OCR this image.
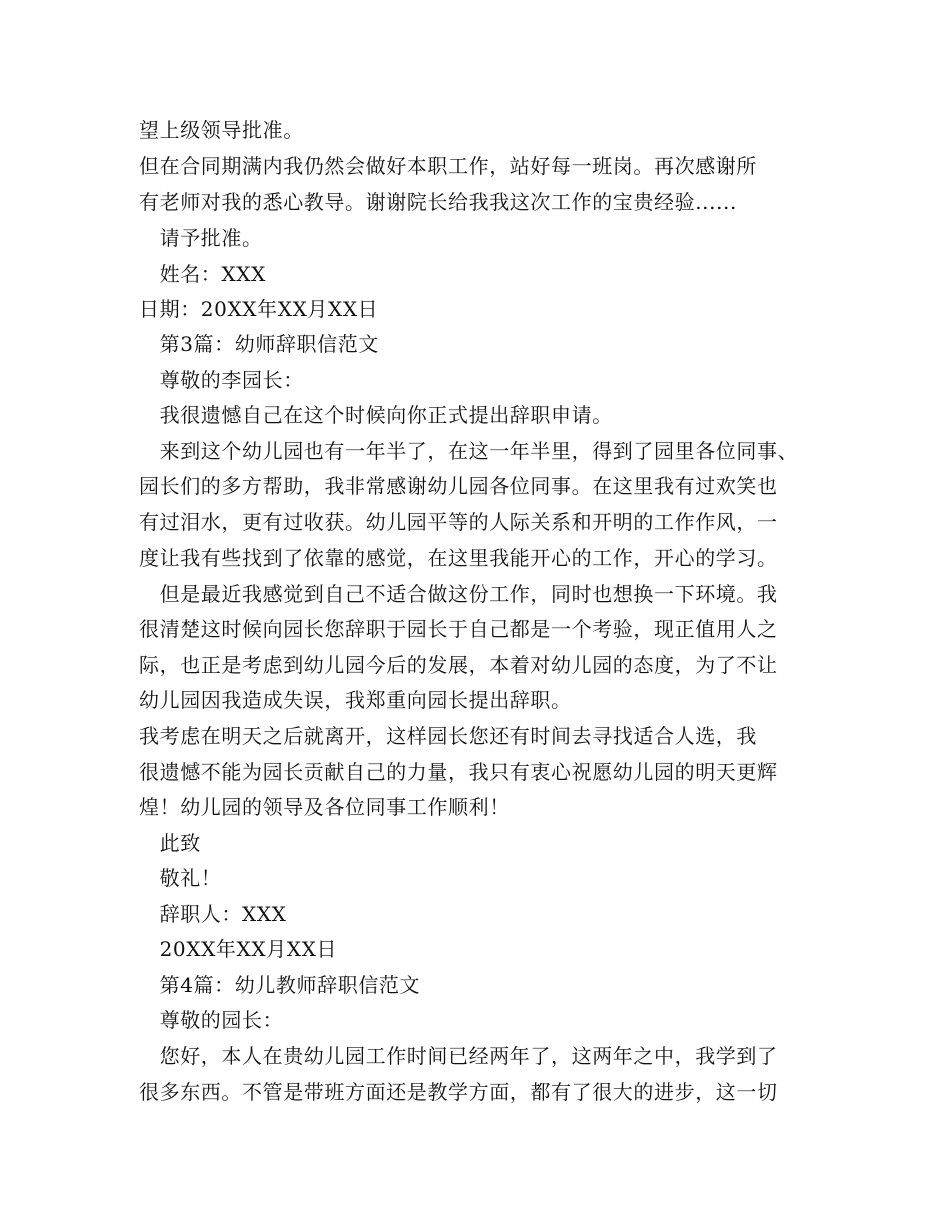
望上级领导批准。
但在合同期满内我仍然会做好本职工作，站好每一班岗。再次感谢所
有老师对我的悉心教导。谢谢院长给我我这次工作的宝贵经验......
　请予批准。
　姓名：XXX
日期：20XX年XX月XX日
　第3篇：幼师辞职信范文
　尊敬的李园长：
　我很遗憾自己在这个时候向你正式提出辞职申请。
　来到这个幼儿园也有一年半了，在这一年半里，得到了园里各位同事、
园长们的多方帮助，我非常感谢幼儿园各位同事。在这里我有过欢笑也
有过泪水，更有过收获。幼儿园平等的人际关系和开明的工作作风，一
度让我有些找到了依靠的感觉，在这里我能开心的工作，开心的学习。
　但是最近我感觉到自己不适合做这份工作，同时也想换一下环境。我
很清楚这时候向园长您辞职于园长于自己都是一个考验，现正值用人之
际，也正是考虑到幼儿园今后的发展，本着对幼儿园的态度，为了不让
幼儿园因我造成失误，我郑重向园长提出辞职。
我考虑在明天之后就离开，这样园长您还有时间去寻找适合人选，我
很遗憾不能为园长贡献自己的力量，我只有衷心祝愿幼儿园的明天更辉
煌！幼儿园的领导及各位同事工作顺利！
　此致
　敬礼！
　辞职人：XXX
　20XX年XX月XX日
　第4篇：幼儿教师辞职信范文
　尊敬的园长：
　您好，本人在贵幼儿园工作时间已经两年了，这两年之中，我学到了
很多东西。不管是带班方面还是教学方面，都有了很大的进步，这一切
